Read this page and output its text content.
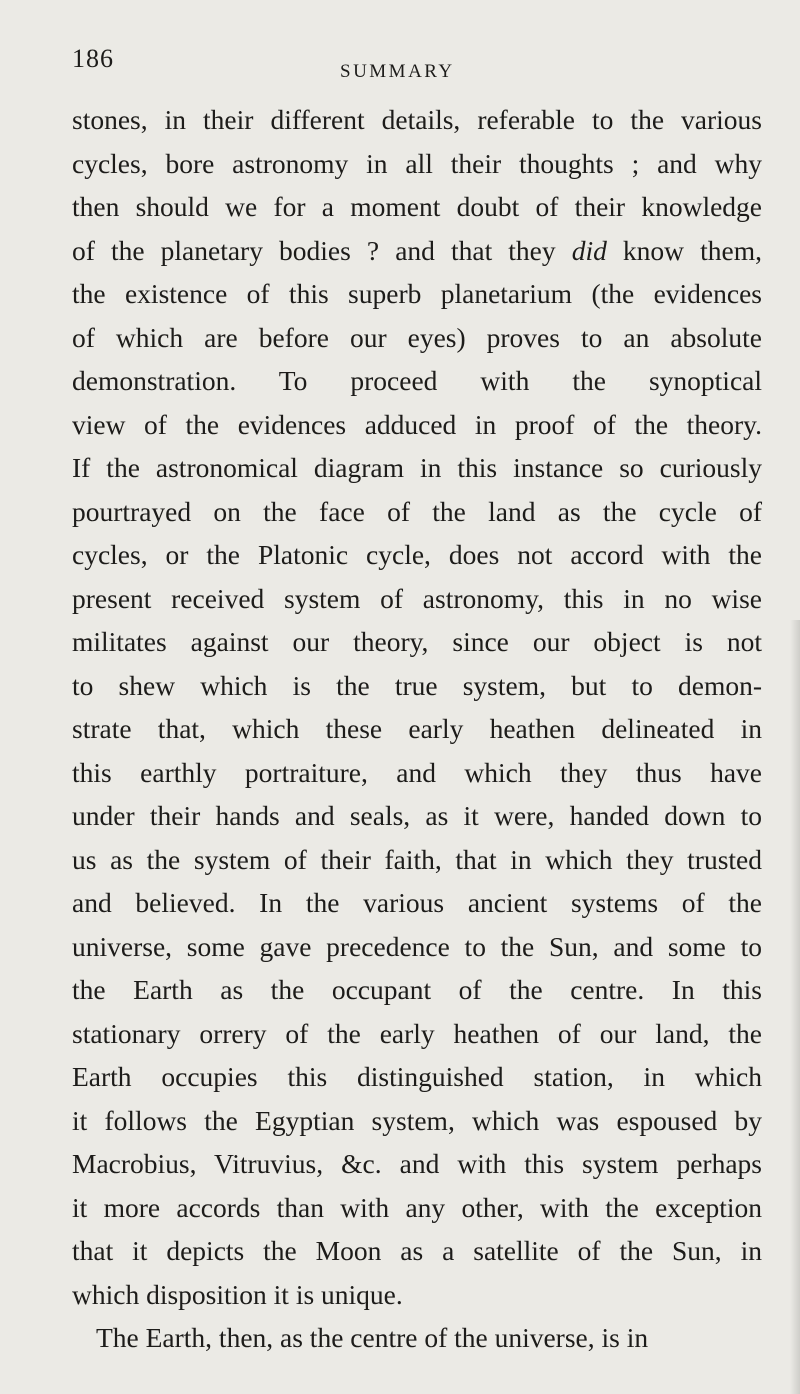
186	SUMMARY
stones, in their different details, referable to the various
cycles, bore astronomy in all their thoughts ; and why
then should we for a moment doubt of their knowledge
of the planetary bodies ? and that they did know them,
the existence of this superb planetarium (the evidences
of which are before our eyes) proves to an absolute
demonstration. To proceed with the synoptical
view of the evidences adduced in proof of the theory.
If the astronomical diagram in this instance so curiously
pourtrayed on the face of the land as the cycle of
cycles, or the Platonic cycle, does not accord with the
present received system of astronomy, this in no wise
militates against our theory, since our object is not
to shew which is the true system, but to demon-
strate that, which these early heathen delineated in
this earthly portraiture, and which they thus have
under their hands and seals, as it were, handed down to
us as the system of their faith, that in which they trusted
and believed. In the various ancient systems of the
universe, some gave precedence to the Sun, and some to
the Earth as the occupant of the centre. In this
stationary orrery of the early heathen of our land, the
Earth occupies this distinguished station, in which
it follows the Egyptian system, which was espoused by
Macrobius, Vitruvius, &c. and with this system perhaps
it more accords than with any other, with the exception
that it depicts the Moon as a satellite of the Sun, in
which disposition it is unique.
The Earth, then, as the centre of the universe, is in
